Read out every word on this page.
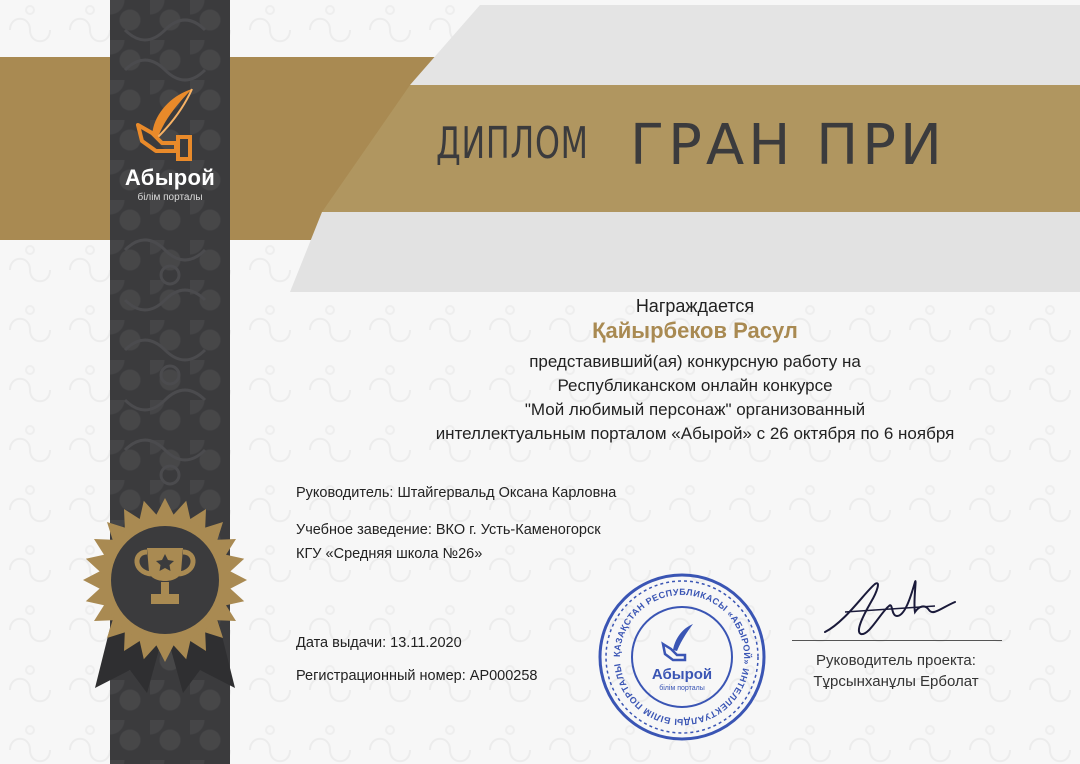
Абырой
білім порталы
ДИПЛОМ ГРАН ПРИ
Награждается
Қайырбеков Расул
представивший(ая) конкурсную работу на
Республиканском онлайн конкурсе
"Мой любимый персонаж" организованный
интеллектуальным порталом «Абырой» с 26 октября по 6 ноября
Руководитель: Штайгервальд Оксана Карловна
Учебное заведение: ВКО г. Усть-Каменогорск
КГУ «Средняя школа №26»
Дата выдачи: 13.11.2020
Регистрационный номер: AP000258
ҚАЗАҚСТАН РЕСПУБЛИКАСЫ «АБЫРОЙ» ИНТЕЛЛЕКТУАЛДЫ БІЛІМ ПОРТАЛЫ	Абырой
білім порталы
Руководитель проекта:
Тұрсынханұлы Ерболат
